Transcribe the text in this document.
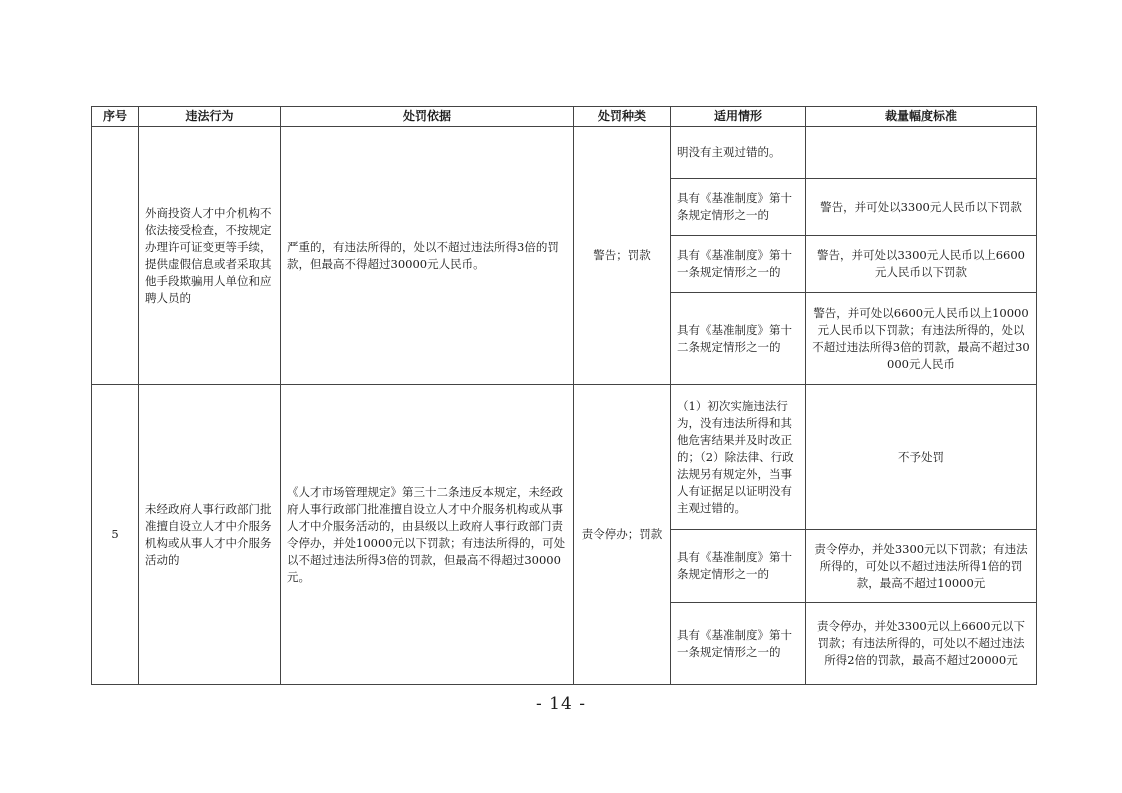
序号	违法行为	处罚依据	处罚种类	适用情形	裁量幅度标准
	外商投资人才中介机构不依法接受检查，不按规定办理许可证变更等手续，提供虚假信息或者采取其他手段欺骗用人单位和应聘人员的	严重的，有违法所得的，处以不超过违法所得3倍的罚款，但最高不得超过30000元人民币。	警告；罚款	明没有主观过错的。	
				具有《基准制度》第十条规定情形之一的	警告，并可处以3300元人民币以下罚款
				具有《基准制度》第十一条规定情形之一的	警告，并可处以3300元人民币以上6600元人民币以下罚款
				具有《基准制度》第十二条规定情形之一的	警告，并可处以6600元人民币以上10000元人民币以下罚款；有违法所得的，处以不超过违法所得3倍的罚款，最高不超过30000元人民币
5	未经政府人事行政部门批准擅自设立人才中介服务机构或从事人才中介服务活动的	《人才市场管理规定》第三十二条违反本规定，未经政府人事行政部门批准擅自设立人才中介服务机构或从事人才中介服务活动的，由县级以上政府人事行政部门责令停办，并处10000元以下罚款；有违法所得的，可处以不超过违法所得3倍的罚款，但最高不得超过30000元。	责令停办；罚款	（1）初次实施违法行为，没有违法所得和其他危害结果并及时改正的；（2）除法律、行政法规另有规定外，当事人有证据足以证明没有主观过错的。	不予处罚
				具有《基准制度》第十条规定情形之一的	责令停办，并处3300元以下罚款；有违法所得的，可处以不超过违法所得1倍的罚款，最高不超过10000元
				具有《基准制度》第十一条规定情形之一的	责令停办，并处3300元以上6600元以下罚款；有违法所得的，可处以不超过违法所得2倍的罚款，最高不超过20000元
- 14 -
